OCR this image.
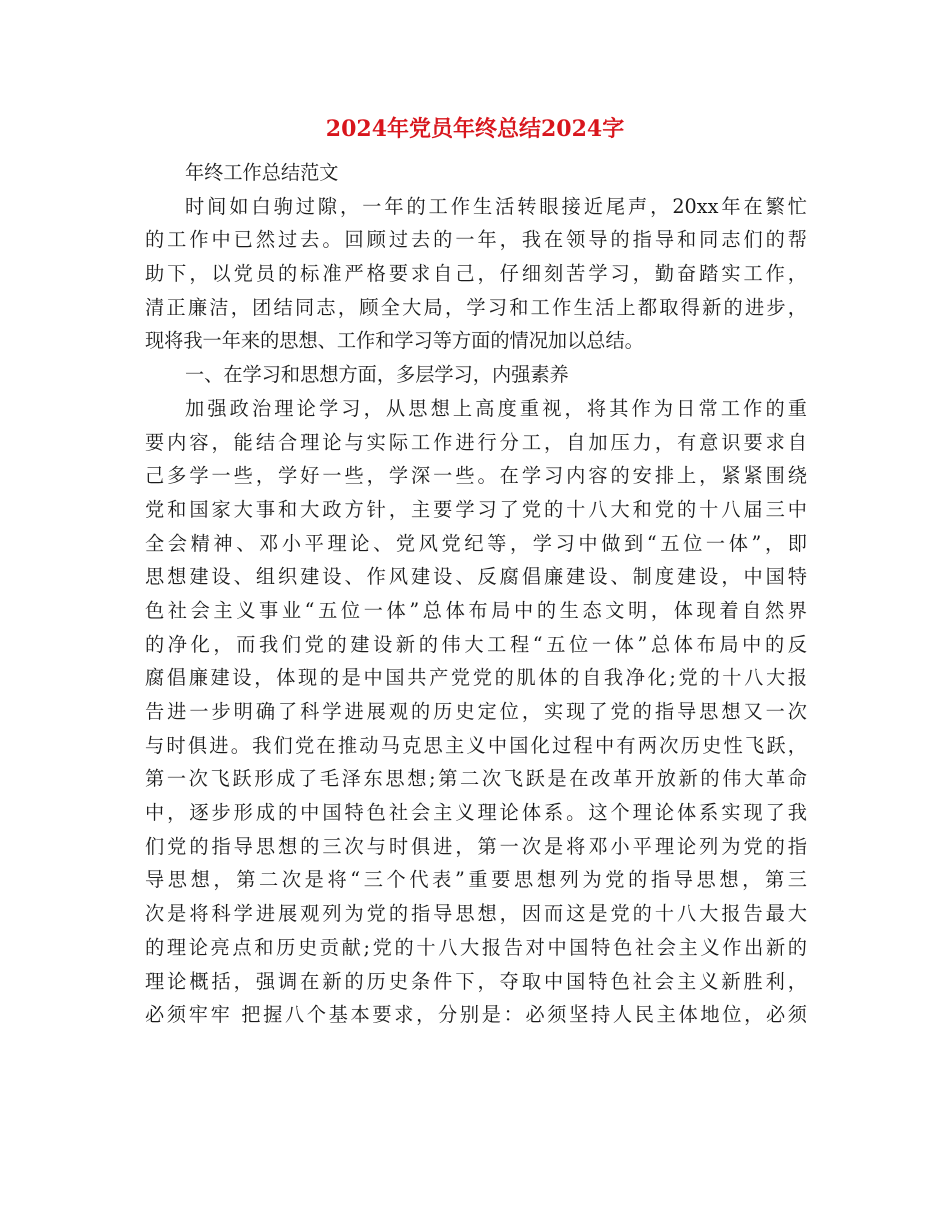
2024年党员年终总结2024字
年终工作总结范文
时间如白驹过隙，一年的工作生活转眼接近尾声，20xx年在繁忙
的工作中已然过去。回顾过去的一年，我在领导的指导和同志们的帮
助下，以党员的标准严格要求自己，仔细刻苦学习，勤奋踏实工作，
清正廉洁，团结同志，顾全大局，学习和工作生活上都取得新的进步，
现将我一年来的思想、工作和学习等方面的情况加以总结。
一、在学习和思想方面，多层学习，内强素养
加强政治理论学习，从思想上高度重视，将其作为日常工作的重
要内容，能结合理论与实际工作进行分工，自加压力，有意识要求自
己多学一些，学好一些，学深一些。在学习内容的安排上，紧紧围绕
党和国家大事和大政方针，主要学习了党的十八大和党的十八届三中
全会精神、邓小平理论、党风党纪等，学习中做到“五位一体”，即
思想建设、组织建设、作风建设、反腐倡廉建设、制度建设，中国特
色社会主义事业“五位一体”总体布局中的生态文明，体现着自然界
的净化，而我们党的建设新的伟大工程“五位一体”总体布局中的反
腐倡廉建设，体现的是中国共产党党的肌体的自我净化;党的十八大报
告进一步明确了科学进展观的历史定位，实现了党的指导思想又一次
与时俱进。我们党在推动马克思主义中国化过程中有两次历史性飞跃，
第一次飞跃形成了毛泽东思想;第二次飞跃是在改革开放新的伟大革命
中，逐步形成的中国特色社会主义理论体系。这个理论体系实现了我
们党的指导思想的三次与时俱进，第一次是将邓小平理论列为党的指
导思想，第二次是将“三个代表”重要思想列为党的指导思想，第三
次是将科学进展观列为党的指导思想，因而这是党的十八大报告最大
的理论亮点和历史贡献;党的十八大报告对中国特色社会主义作出新的
理论概括，强调在新的历史条件下，夺取中国特色社会主义新胜利，
必须牢牢 把握八个基本要求，分别是：必须坚持人民主体地位，必须
